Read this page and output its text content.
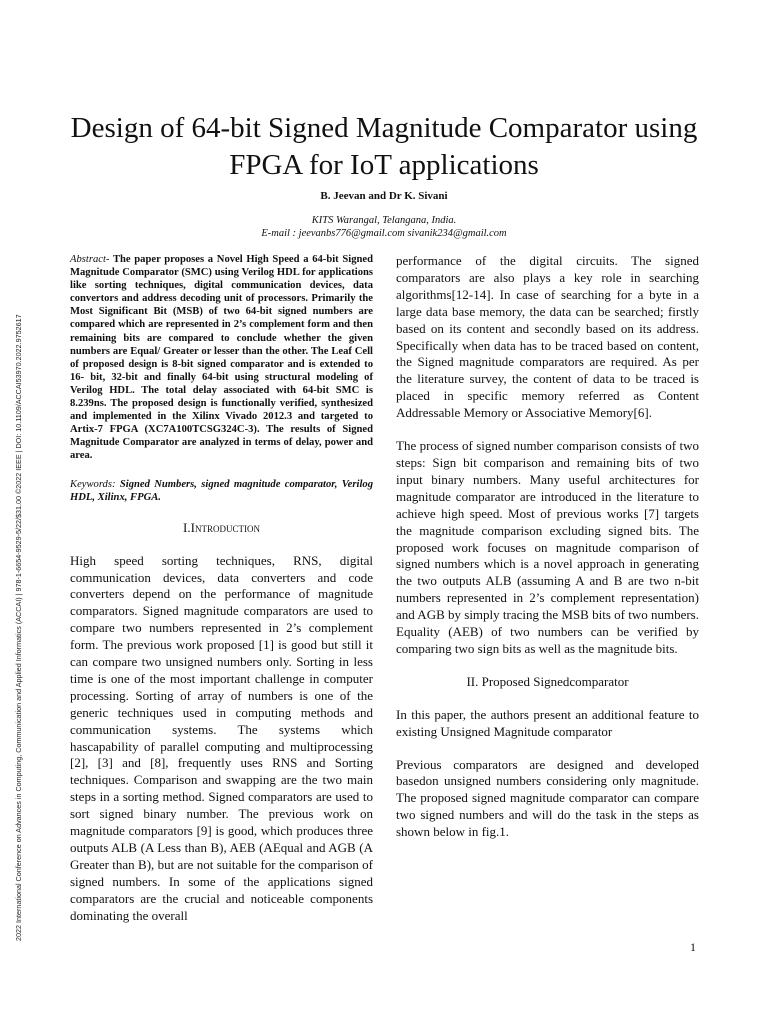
2022 International Conference on Advances in Computing, Communication and Applied Informatics (ACCAI) | 978-1-6654-9529-5/22/$31.00 ©2022 IEEE | DOI: 10.1109/ACCAI53970.2022.9752617
Design of 64-bit Signed Magnitude Comparator using FPGA for IoT applications
B. Jeevan and Dr K. Sivani
KITS Warangal, Telangana, India.
E-mail : jeevanbs776@gmail.com sivanik234@gmail.com

Abstract- The paper proposes a Novel High Speed a 64-bit Signed Magnitude Comparator (SMC) using Verilog HDL for applications like sorting techniques, digital communication devices, data convertors and address decoding unit of processors. Primarily the Most Significant Bit (MSB) of two 64-bit signed numbers are compared which are represented in 2’s complement form and then remaining bits are compared to conclude whether the given numbers are Equal/ Greater or lesser than the other. The Leaf Cell of proposed design is 8-bit signed comparator and is extended to 16- bit, 32-bit and finally 64-bit using structural modeling of Verilog HDL. The total delay associated with 64-bit SMC is 8.239ns. The proposed design is functionally verified, synthesized and implemented in the Xilinx Vivado 2012.3 and targeted to Artix-7 FPGA (XC7A100TCSG324C-3). The results of Signed Magnitude Comparator are analyzed in terms of delay, power and area.

Keywords: Signed Numbers, signed magnitude comparator, Verilog HDL, Xilinx, FPGA.

I.Introduction

High speed sorting techniques, RNS, digital communication devices, data converters and code converters depend on the performance of magnitude comparators. Signed magnitude comparators are used to compare two numbers represented in 2’s complement form. The previous work proposed [1] is good but still it can compare two unsigned numbers only. Sorting in less time is one of the most important challenge in computer processing. Sorting of array of numbers is one of the generic techniques used in computing methods and communication systems. The systems which hascapability of parallel computing and multiprocessing [2], [3] and [8], frequently uses RNS and Sorting techniques. Comparison and swapping are the two main steps in a sorting method. Signed comparators are used to sort signed binary number. The previous work on magnitude comparators [9] is good, which produces three outputs ALB (A Less than B), AEB (AEqual and AGB (A Greater than B), but are not suitable for the comparison of signed numbers. In some of the applications signed comparators are the crucial and noticeable components dominating the overall

performance of the digital circuits. The signed comparators are also plays a key role in searching algorithms[12-14]. In case of searching for a byte in a large data base memory, the data can be searched; firstly based on its content and secondly based on its address. Specifically when data has to be traced based on content, the Signed magnitude comparators are required. As per the literature survey, the content of data to be traced is placed in specific memory referred as Content Addressable Memory or Associative Memory[6].

The process of signed number comparison consists of two steps: Sign bit comparison and remaining bits of two input binary numbers. Many useful architectures for magnitude comparator are introduced in the literature to achieve high speed. Most of previous works [7] targets the magnitude comparison excluding signed bits. The proposed work focuses on magnitude comparison of signed numbers which is a novel approach in generating the two outputs ALB (assuming A and B are two n-bit numbers represented in 2’s complement representation) and AGB by simply tracing the MSB bits of two numbers. Equality (AEB) of two numbers can be verified by comparing two sign bits as well as the magnitude bits.

II. Proposed Signedcomparator

In this paper, the authors present an additional feature to existing Unsigned Magnitude comparator

Previous comparators are designed and developed basedon unsigned numbers considering only magnitude. The proposed signed magnitude comparator can compare two signed numbers and will do the task in the steps as shown below in fig.1.

1
